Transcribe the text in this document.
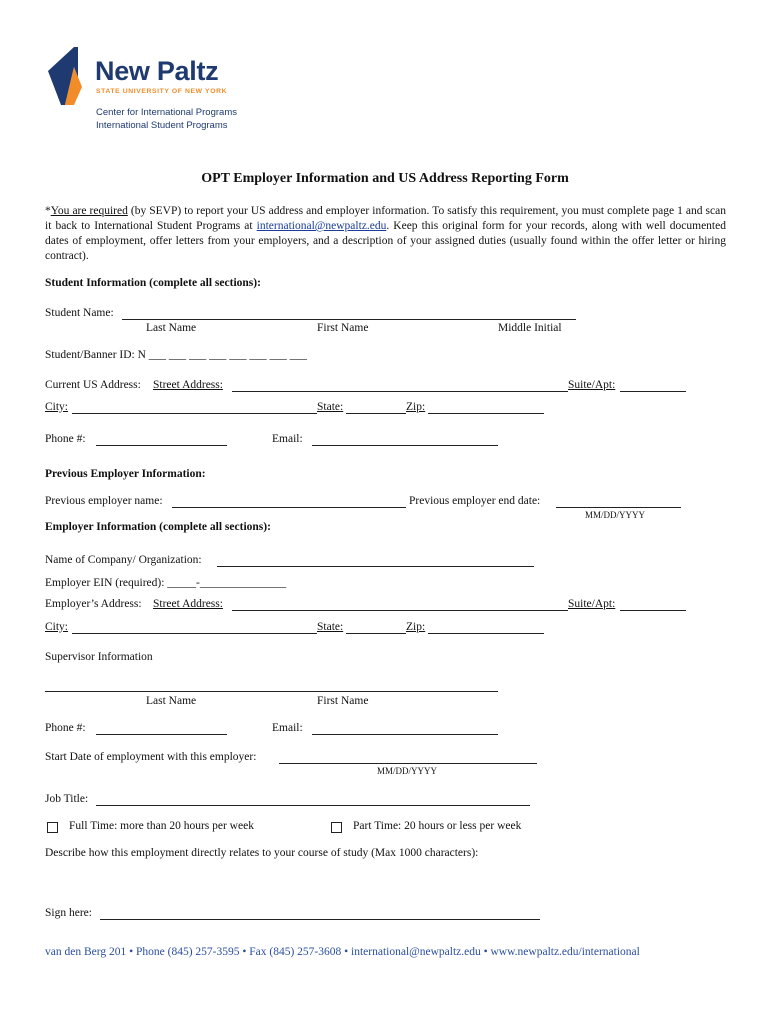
New Paltz
STATE UNIVERSITY OF NEW YORK
Center for International Programs
International Student Programs
OPT Employer Information and US Address Reporting Form
*You are required (by SEVP) to report your US address and employer information. To satisfy this requirement, you must complete page 1 and scan it back to International Student Programs at international@newpaltz.edu. Keep this original form for your records, along with well documented dates of employment, offer letters from your employers, and a description of your assigned duties (usually found within the offer letter or hiring contract).
Student Information (complete all sections):
Student Name:
Last Name	First Name	Middle Initial
Student/Banner ID: N ___ ___ ___ ___ ___ ___ ___ ___
Current US Address: Street Address:	Suite/Apt:
City:	State:	Zip:
Phone #:	Email:
Previous Employer Information:
Previous employer name:	Previous employer end date:
MM/DD/YYYY
Employer Information (complete all sections):
Name of Company/ Organization:
Employer EIN (required): _____-_______________
Employer’s Address: Street Address:	Suite/Apt:
City:	State:	Zip:
Supervisor Information
Last Name	First Name
Phone #:	Email:
Start Date of employment with this employer:
MM/DD/YYYY
Job Title:
Full Time: more than 20 hours per week	Part Time: 20 hours or less per week
Describe how this employment directly relates to your course of study (Max 1000 characters):
Sign here:
van den Berg 201 • Phone (845) 257-3595 • Fax (845) 257-3608 • international@newpaltz.edu • www.newpaltz.edu/international
